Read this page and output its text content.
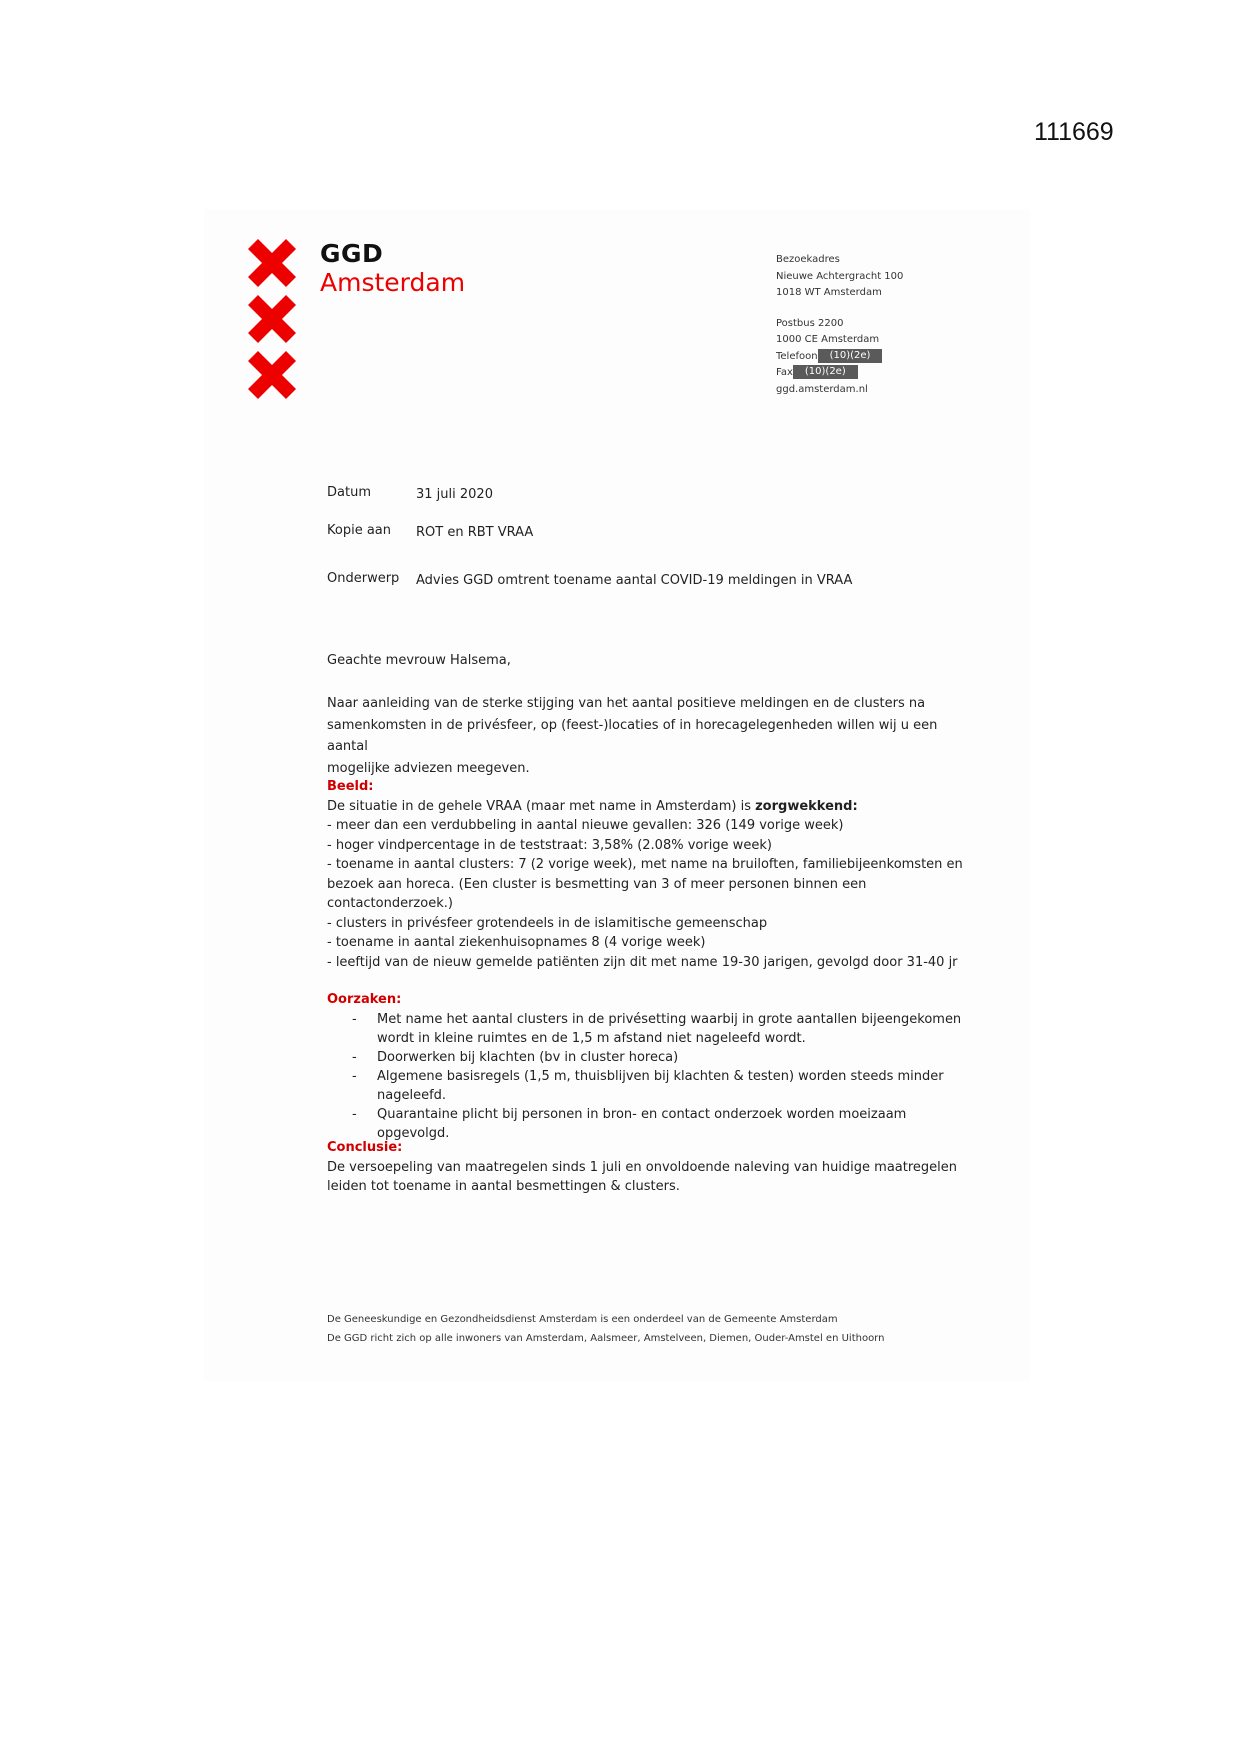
111669
GGD
Amsterdam
Bezoekadres
Nieuwe Achtergracht 100
1018 WT Amsterdam
Postbus 2200
1000 CE Amsterdam
Telefoon (10)(2e)
Fax (10)(2e)
ggd.amsterdam.nl
Datum	31 juli 2020
Kopie aan	ROT en RBT VRAA
Onderwerp	Advies GGD omtrent toename aantal COVID-19 meldingen in VRAA
Geachte mevrouw Halsema,
Naar aanleiding van de sterke stijging van het aantal positieve meldingen en de clusters na
samenkomsten in de privésfeer, op (feest-)locaties of in horecagelegenheden willen wij u een aantal
mogelijke adviezen meegeven.
Beeld:
De situatie in de gehele VRAA (maar met name in Amsterdam) is zorgwekkend:
- meer dan een verdubbeling in aantal nieuwe gevallen: 326 (149 vorige week)
- hoger vindpercentage in de teststraat: 3,58% (2.08% vorige week)
- toename in aantal clusters: 7 (2 vorige week), met name na bruiloften, familiebijeenkomsten en
bezoek aan horeca. (Een cluster is besmetting van 3 of meer personen binnen een
contactonderzoek.)
- clusters in privésfeer grotendeels in de islamitische gemeenschap
- toename in aantal ziekenhuisopnames 8 (4 vorige week)
- leeftijd van de nieuw gemelde patiënten zijn dit met name 19-30 jarigen, gevolgd door 31-40 jr
Oorzaken:
- Met name het aantal clusters in de privésetting waarbij in grote aantallen bijeengekomen
wordt in kleine ruimtes en de 1,5 m afstand niet nageleefd wordt.
- Doorwerken bij klachten (bv in cluster horeca)
- Algemene basisregels (1,5 m, thuisblijven bij klachten & testen) worden steeds minder
nageleefd.
- Quarantaine plicht bij personen in bron- en contact onderzoek worden moeizaam opgevolgd.
Conclusie:
De versoepeling van maatregelen sinds 1 juli en onvoldoende naleving van huidige maatregelen
leiden tot toename in aantal besmettingen & clusters.
De Geneeskundige en Gezondheidsdienst Amsterdam is een onderdeel van de Gemeente Amsterdam
De GGD richt zich op alle inwoners van Amsterdam, Aalsmeer, Amstelveen, Diemen, Ouder-Amstel en Uithoorn
